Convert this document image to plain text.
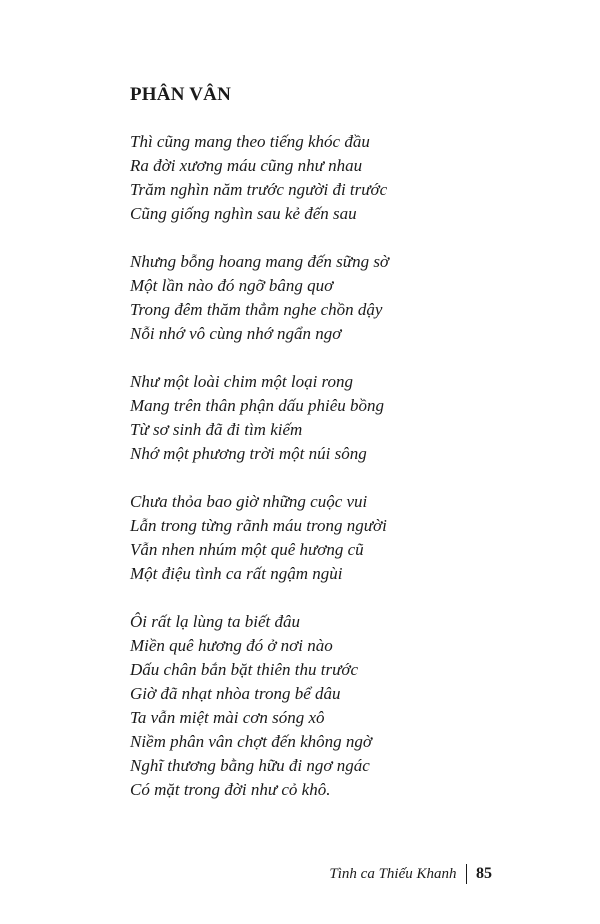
PHÂN VÂN

Thì cũng mang theo tiếng khóc đầu

Ra đời xương máu cũng như nhau

Trăm nghìn năm trước người đi trước

Cũng giống nghìn sau kẻ đến sau

Nhưng bỗng hoang mang đến sững sờ

Một lần nào đó ngỡ bâng quơ

Trong đêm thăm thẳm nghe chồn dậy

Nỗi nhớ vô cùng nhớ ngẩn ngơ

Như một loài chim một loại rong

Mang trên thân phận dấu phiêu bồng

Từ sơ sinh đã đi tìm kiếm

Nhớ một phương trời một núi sông

Chưa thỏa bao giờ những cuộc vui

Lẫn trong từng rãnh máu trong người

Vẫn nhen nhúm một quê hương cũ

Một điệu tình ca rất ngậm ngùi

Ôi rất lạ lùng ta biết đâu

Miền quê hương đó ở nơi nào

Dấu chân bắn bặt thiên thu trước

Giờ đã nhạt nhòa trong bể dâu

Ta vẫn miệt mài cơn sóng xô

Niềm phân vân chợt đến không ngờ

Nghĩ thương bằng hữu đi ngơ ngác

Có mặt trong đời như cỏ khô.

Tình ca Thiếu Khanh 85
